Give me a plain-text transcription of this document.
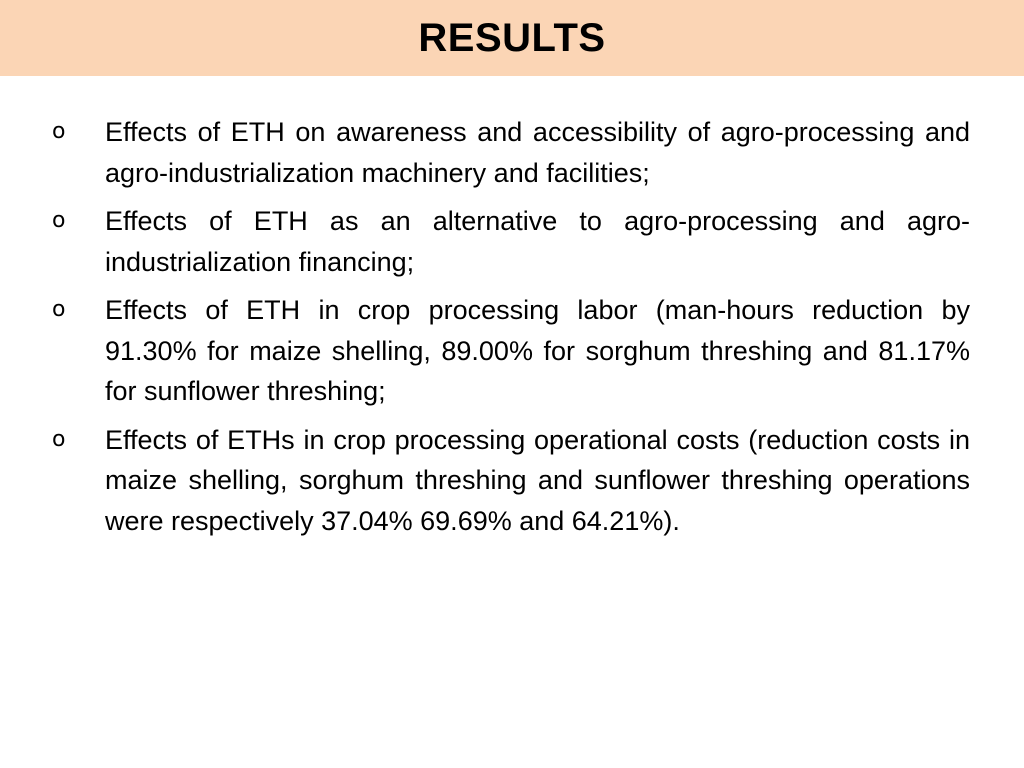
RESULTS
o Effects of ETH on awareness and accessibility of agro-processing and agro-industrialization machinery and facilities;
o Effects of ETH as an alternative to agro-processing and agro-industrialization financing;
o Effects of ETH in crop processing labor (man-hours reduction by 91.30% for maize shelling, 89.00% for sorghum threshing and 81.17% for sunflower threshing;
o Effects of ETHs in crop processing operational costs (reduction costs in maize shelling, sorghum threshing and sunflower threshing operations were respectively 37.04% 69.69% and 64.21%).
